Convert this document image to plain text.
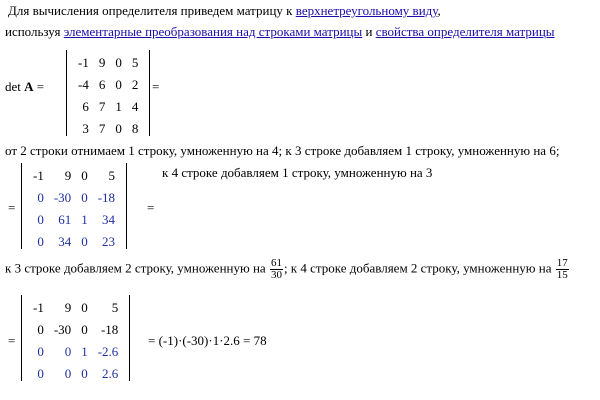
Для вычисления определителя приведем матрицу к верхнетреугольному виду,
используя элементарные преобразования над строками матрицы и свойства определителя матрицы
det A =
-1	9	0	5
-4	6	0	2
6	7	1	4
3	7	0	8
=
от 2 строки отнимаем 1 строку, умноженную на 4; к 3 строке добавляем 1 строку, умноженную на 6;
=
-1	9	0	5
0	-30	0	-18
0	61	1	34
0	34	0	23
=
к 4 строке добавляем 1 строку, умноженную на 3
к 3 строке добавляем 2 строку, умноженную на $\frac{61}{30}$ ; к 4 строке добавляем 2 строку, умноженную на $\frac{17}{15}$
=
-1	9	0	5
0	-30	0	-18
0	0	1	-2.6
0	0	0	2.6
= (-1)·(-30)·1·2.6 = 78
